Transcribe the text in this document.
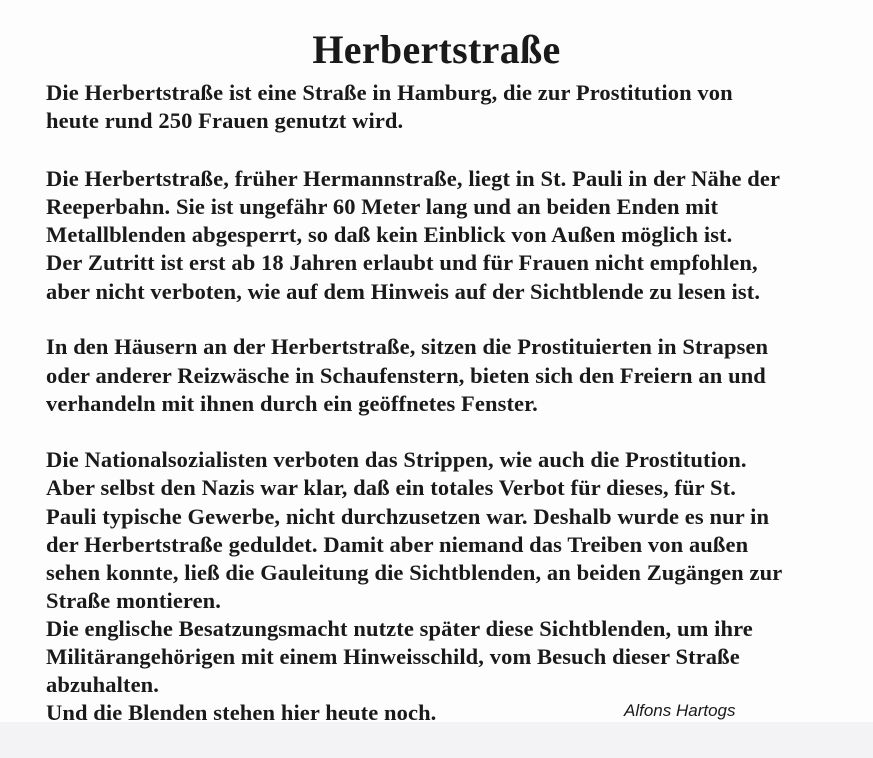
Herbertstraße
Die Herbertstraße ist eine Straße in Hamburg, die zur Prostitution von
heute rund 250 Frauen genutzt wird.
Die Herbertstraße, früher Hermannstraße, liegt in St. Pauli in der Nähe der
Reeperbahn. Sie ist ungefähr 60 Meter lang und an beiden Enden mit
Metallblenden abgesperrt, so daß kein Einblick von Außen möglich ist.
Der Zutritt ist erst ab 18 Jahren erlaubt und für Frauen nicht empfohlen,
aber nicht verboten, wie auf dem Hinweis auf der Sichtblende zu lesen ist.
In den Häusern an der Herbertstraße, sitzen die Prostituierten in Strapsen
oder anderer Reizwäsche in Schaufenstern, bieten sich den Freiern an und
verhandeln mit ihnen durch ein geöffnetes Fenster.
Die Nationalsozialisten verboten das Strippen, wie auch die Prostitution.
Aber selbst den Nazis war klar, daß ein totales Verbot für dieses, für St.
Pauli typische Gewerbe, nicht durchzusetzen war. Deshalb wurde es nur in
der Herbertstraße geduldet. Damit aber niemand das Treiben von außen
sehen konnte, ließ die Gauleitung die Sichtblenden, an beiden Zugängen zur
Straße montieren.
Die englische Besatzungsmacht nutzte später diese Sichtblenden, um ihre
Militärangehörigen mit einem Hinweisschild, vom Besuch dieser Straße
abzuhalten.
Und die Blenden stehen hier heute noch.	Alfons Hartogs
